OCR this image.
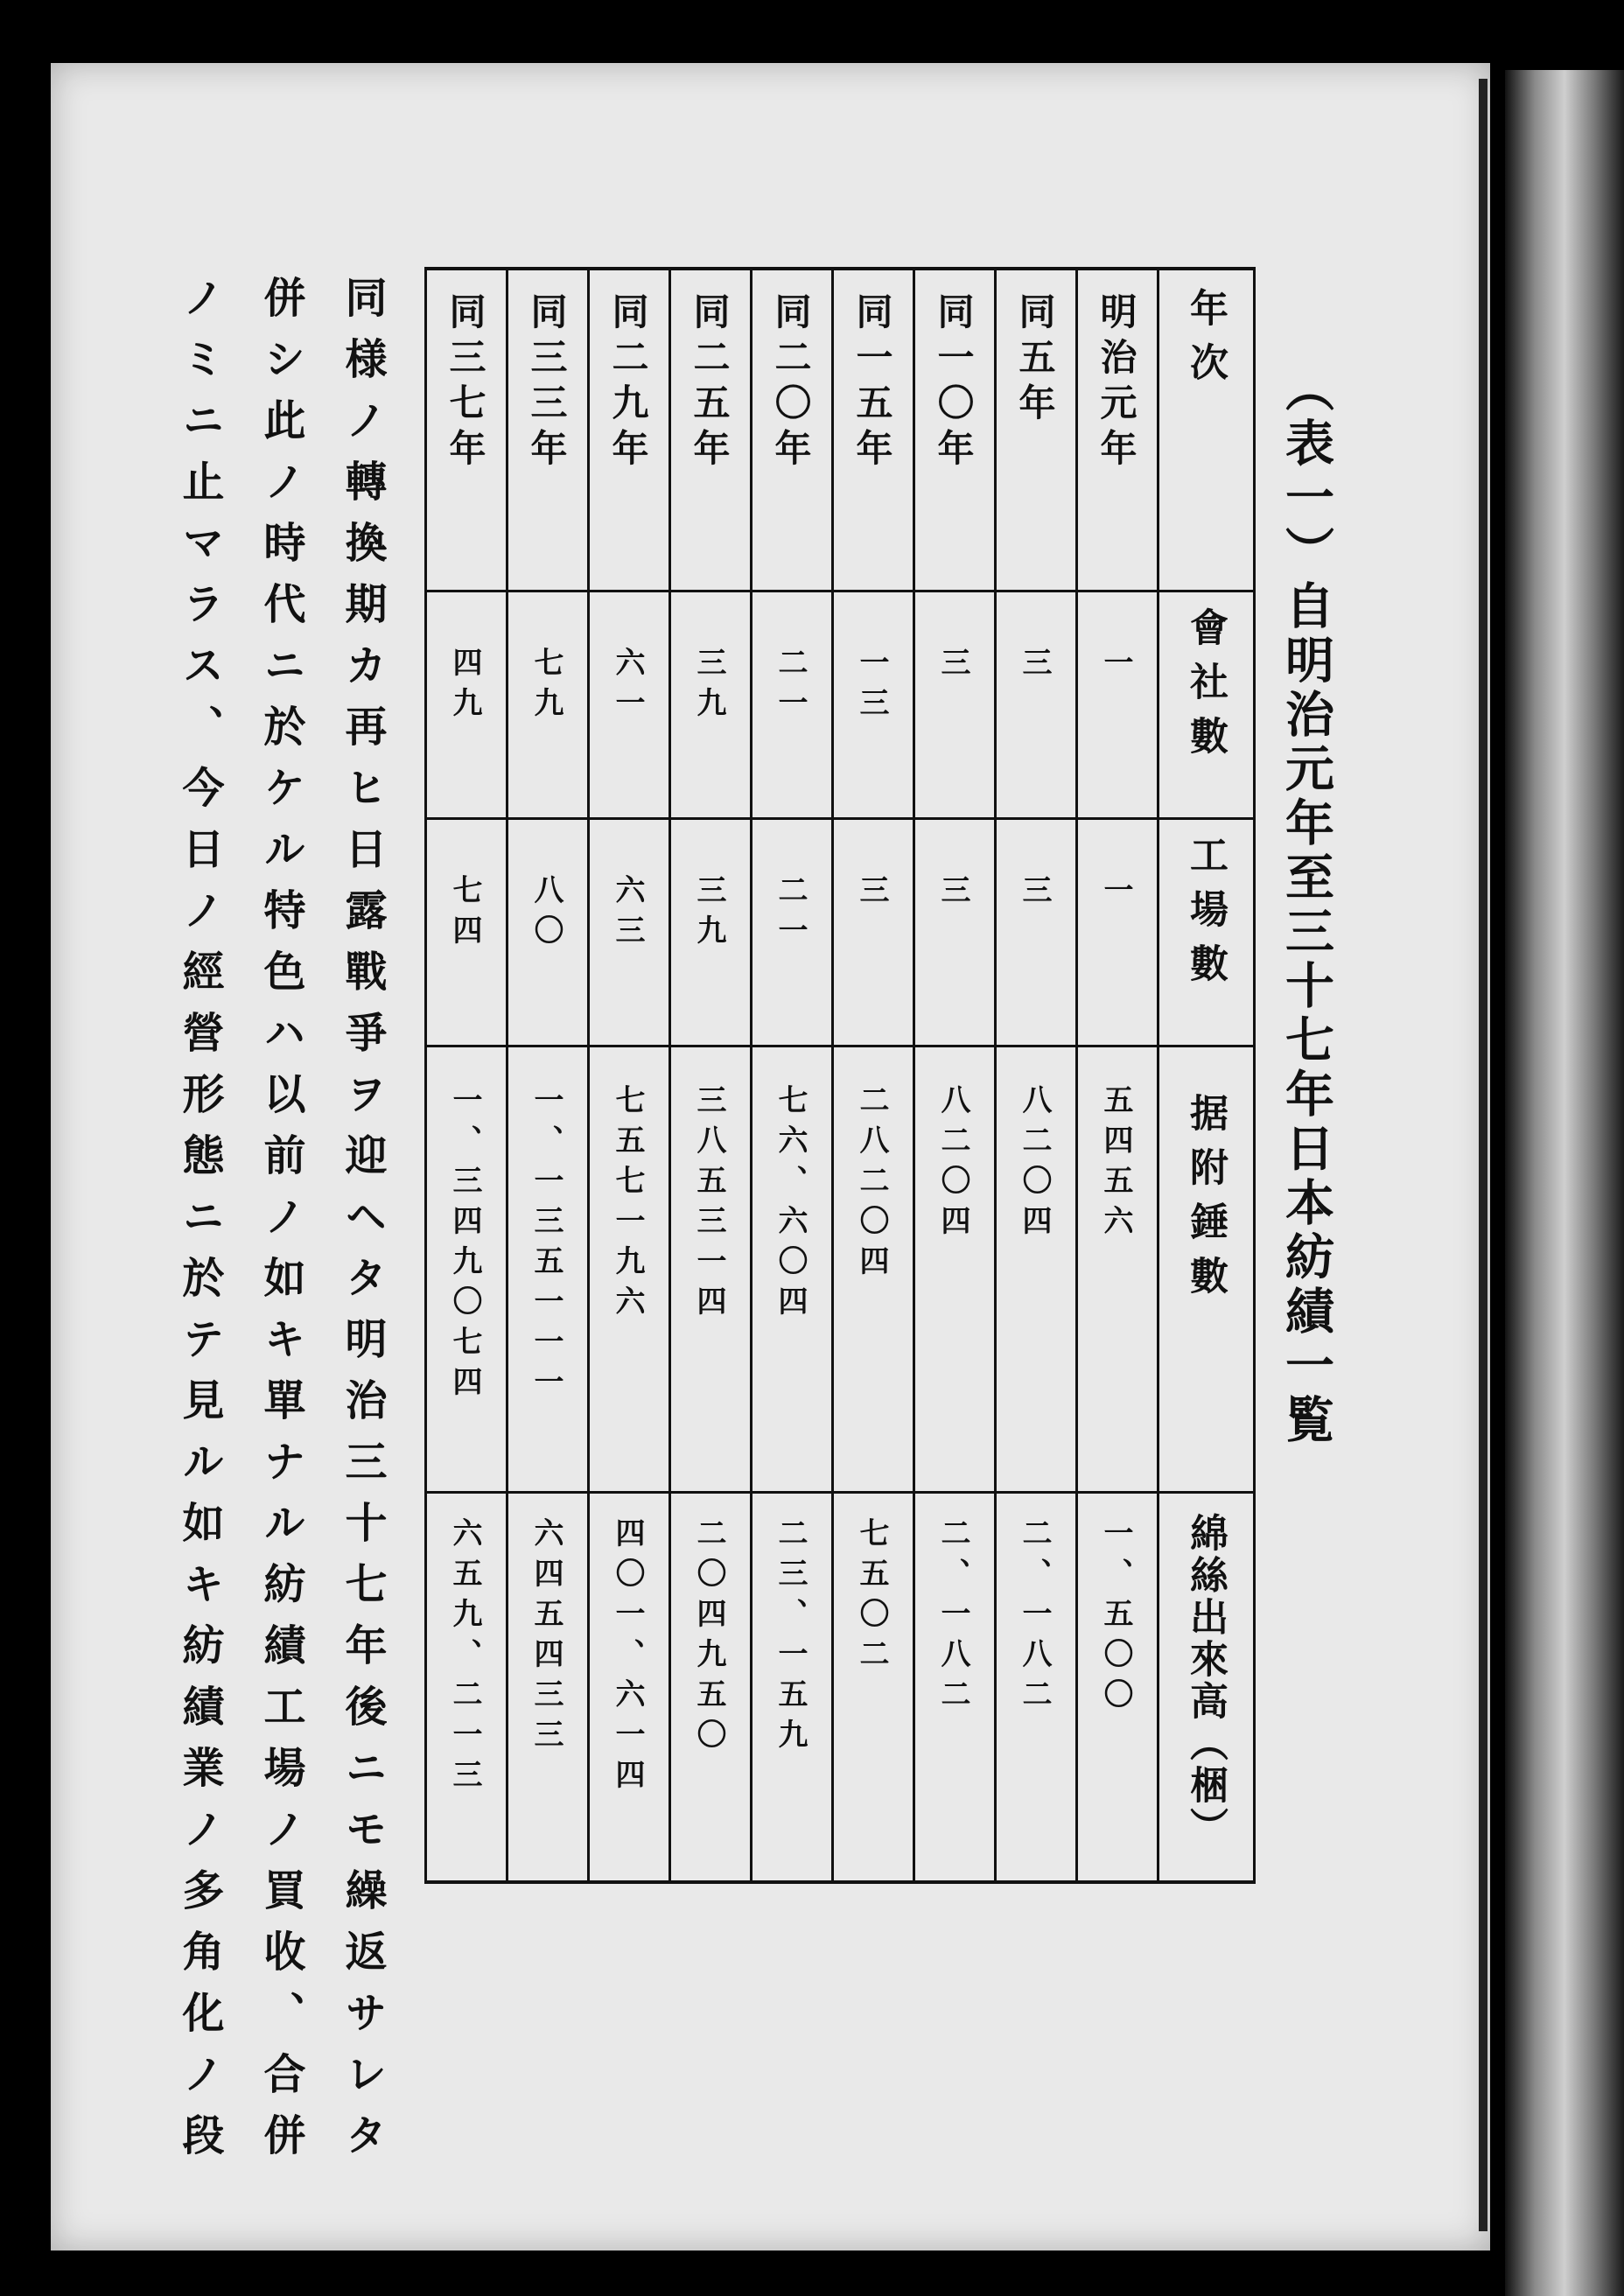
（表一）自明治元年至三十七年日本紡績一覧
年次
會社數
工場數
据附錘數
綿絲出來高（梱）
明治元年
一
一
五四五六
一、五〇〇
同五年
三
三
八二〇四
二、一八二
同一〇年
三
三
八二〇四
二、一八二
同一五年
一三
三
二八二〇四
七五〇二
同二〇年
二一
二一
七六、六〇四
二三、一五九
同二五年
三九
三九
三八五三一四
二〇四九五〇
同二九年
六一
六三
七五七一九六
四〇一、六一四
同三三年
七九
八〇
一、一三五一一一
六四五四三三
同三七年
四九
七四
一、三四九〇七四
六五九、二一三
同様ノ轉換期カ再ヒ日露戰爭ヲ迎ヘタ明治三十七年後ニモ繰返サレタ
併シ此ノ時代ニ於ケル特色ハ以前ノ如キ單ナル紡績工場ノ買收、合併
ノミニ止マラス、今日ノ經營形態ニ於テ見ル如キ紡績業ノ多角化ノ段
